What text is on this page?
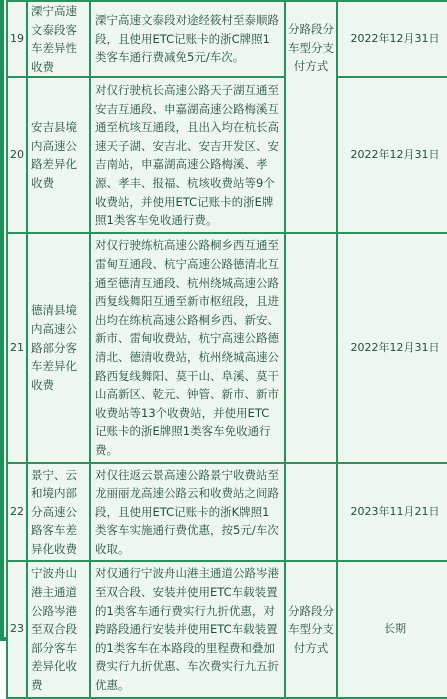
19	溧宁高速文泰段客车差异性收费	溧宁高速文泰段对途经筱村至泰顺路段，且使用ETC记账卡的浙C牌照1类客车通行费减免5元/车次。	分路段分车型分支付方式	2022年12月31日
20	安吉县境内高速公路差异化收费	对仅行驶杭长高速公路天子湖互通至安吉互通段、申嘉湖高速公路梅溪互通至杭垓互通段，且出入均在杭长高速天子湖、安吉北、安吉开发区、安吉南站，申嘉湖高速公路梅溪、孝源、孝丰、报福、杭垓收费站等9个收费站，并使用ETC记账卡的浙E牌照1类客车免收通行费。		2022年12月31日
21	德清县境内高速公路部分客车差异化收费	对仅行驶练杭高速公路桐乡西互通至雷甸互通段、杭宁高速公路德清北互通至德清互通段、杭州绕城高速公路西复线舞阳互通至新市枢纽段，且进出均在练杭高速公路桐乡西、新安、新市、雷甸收费站，杭宁高速公路德清北、德清收费站，杭州绕城高速公路西复线舞阳、莫干山、阜溪、莫干山高新区、乾元、钟管、新市、新市收费站等13个收费站，并使用ETC记账卡的浙E牌照1类客车免收通行费。		2022年12月31日
22	景宁、云和境内部分高速公路客车差异化收费	对仅往返云景高速公路景宁收费站至龙丽丽龙高速公路云和收费站之间路段，且使用ETC记账卡的浙K牌照1类客车实施通行费优惠，按5元/车次收取。		2023年11月21日
23	宁波舟山港主通道公路岑港至双合段部分客车差异化收费	对仅通行宁波舟山港主通道公路岑港至双合段、安装并使用ETC车载装置的1类客车通行费实行九折优惠，对跨路段通行安装并使用ETC车载装置的1类客车在本路段的里程费和叠加费实行九折优惠、车次费实行九五折优惠。	分路段分车型分支付方式	长期
